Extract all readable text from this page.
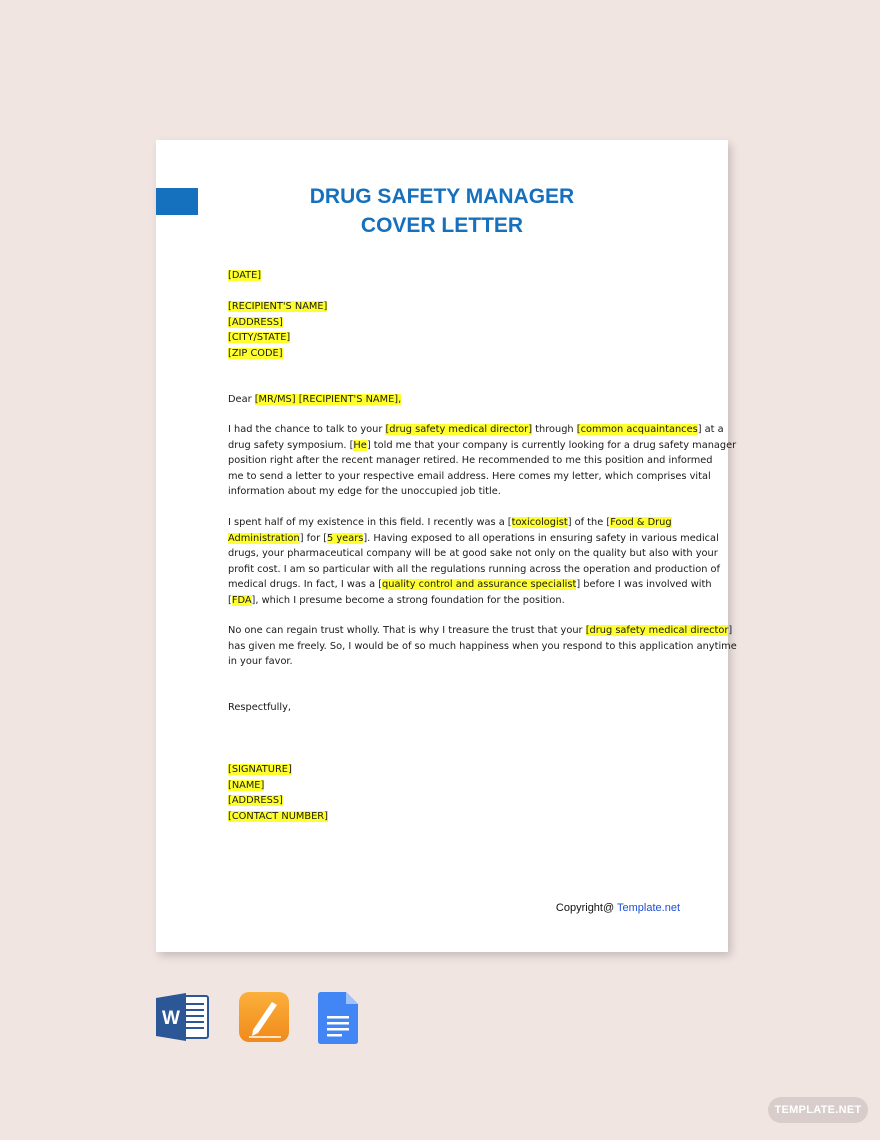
DRUG SAFETY MANAGER
COVER LETTER
[DATE]
[RECIPIENT'S NAME]
[ADDRESS]
[CITY/STATE]
[ZIP CODE]
Dear [MR/MS] [RECIPIENT'S NAME],
I had the chance to talk to your [drug safety medical director] through [common acquaintances] at a
drug safety symposium. [He] told me that your company is currently looking for a drug safety manager
position right after the recent manager retired. He recommended to me this position and informed
me to send a letter to your respective email address. Here comes my letter, which comprises vital
information about my edge for the unoccupied job title.
I spent half of my existence in this field. I recently was a [toxicologist] of the [Food & Drug
Administration] for [5 years]. Having exposed to all operations in ensuring safety in various medical
drugs, your pharmaceutical company will be at good sake not only on the quality but also with your
profit cost. I am so particular with all the regulations running across the operation and production of
medical drugs. In fact, I was a [quality control and assurance specialist] before I was involved with
[FDA], which I presume become a strong foundation for the position.
No one can regain trust wholly. That is why I treasure the trust that your [drug safety medical director]
has given me freely. So, I would be of so much happiness when you respond to this application anytime
in your favor.
Respectfully,
[SIGNATURE]
[NAME]
[ADDRESS]
[CONTACT NUMBER]
Copyright@ Template.net
W
TEMPLATE.NET
